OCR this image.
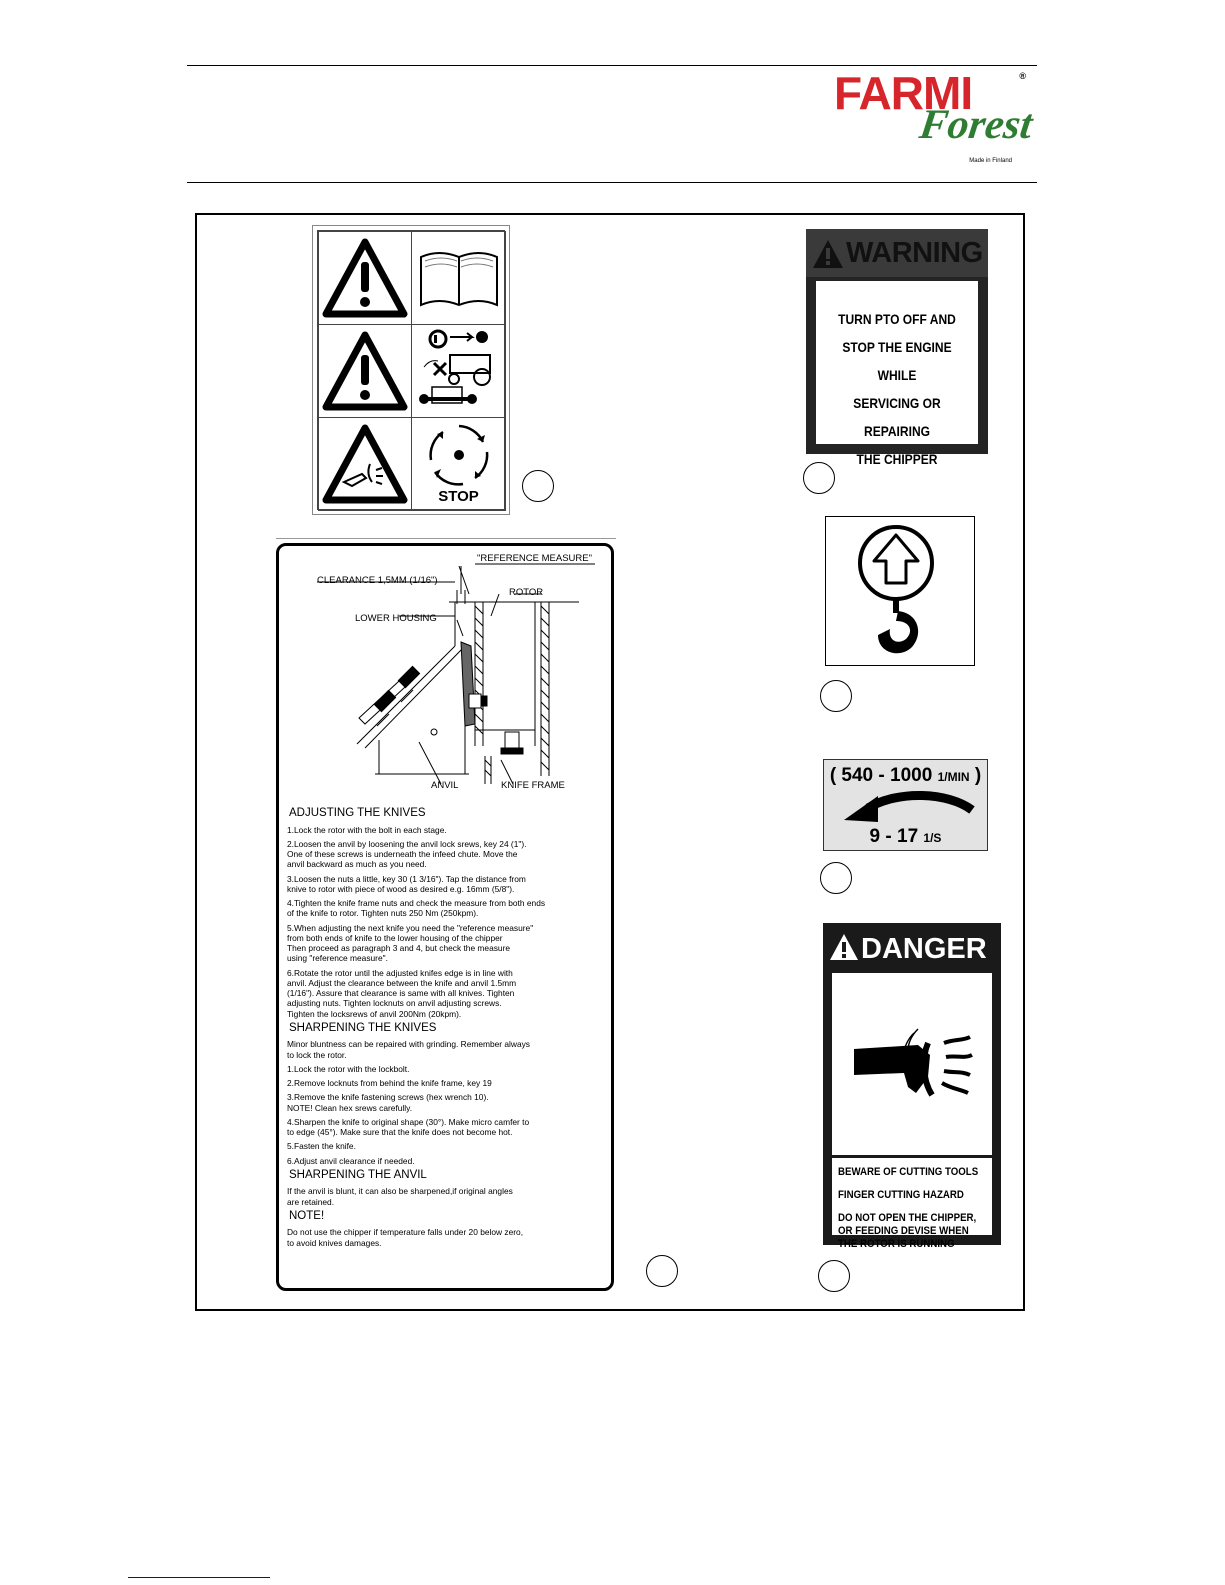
FARMI	®
Forest
Made in Finland
STOP
WARNING
TURN PTO OFF AND
STOP THE ENGINE WHILE
SERVICING OR REPAIRING
THE CHIPPER
( 540 - 1000 1/MIN )
9 - 17 1/S
DANGER
BEWARE OF CUTTING TOOLS
FINGER CUTTING HAZARD
DO NOT OPEN THE CHIPPER, OR FEEDING DEVISE WHEN THE ROTOR IS RUNNING
"REFERENCE MEASURE"
CLEARANCE 1,5MM (1/16")
ROTOR
LOWER HOUSING
ANVIL	KNIFE FRAME
ADJUSTING THE KNIVES
1.Lock the rotor with the bolt in each stage.
2.Loosen the anvil by loosening the anvil lock srews, key 24 (1").
One of these screws is underneath the infeed chute. Move the
anvil backward as much as you need.
3.Loosen the nuts a little, key 30 (1 3/16"). Tap the distance from
knive to rotor with piece of wood as desired e.g. 16mm (5/8").
4.Tighten the knife frame nuts and check the measure from both ends
of the knife to rotor. Tighten nuts 250 Nm (250kpm).
5.When adjusting the next knife you need the "reference measure"
from both ends of knife to the lower housing of the chipper
Then proceed as paragraph 3 and 4, but check the measure
using "reference measure".
6.Rotate the rotor until the adjusted knifes edge is in line with
anvil. Adjust the clearance between the knife and anvil 1.5mm
(1/16"). Assure that clearance is same with all knives. Tighten
adjusting nuts. Tighten locknuts on anvil adjusting screws.
Tighten the locksrews of anvil 200Nm (20kpm).
SHARPENING THE KNIVES
Minor bluntness can be repaired with grinding. Remember always
to lock the rotor.
1.Lock the rotor with the lockbolt.
2.Remove locknuts from behind the knife frame, key 19
3.Remove the knife fastening screws (hex wrench 10).
NOTE! Clean hex srews carefully.
4.Sharpen the knife to original shape (30°). Make micro camfer to
to edge (45°). Make sure that the knife does not become hot.
5.Fasten the knife.
6.Adjust anvil clearance if needed.
SHARPENING THE ANVIL
If the anvil is blunt, it can also be sharpened,if original angles
are retained.
NOTE!
Do not use the chipper if temperature falls under 20 below zero,
to avoid knives damages.
